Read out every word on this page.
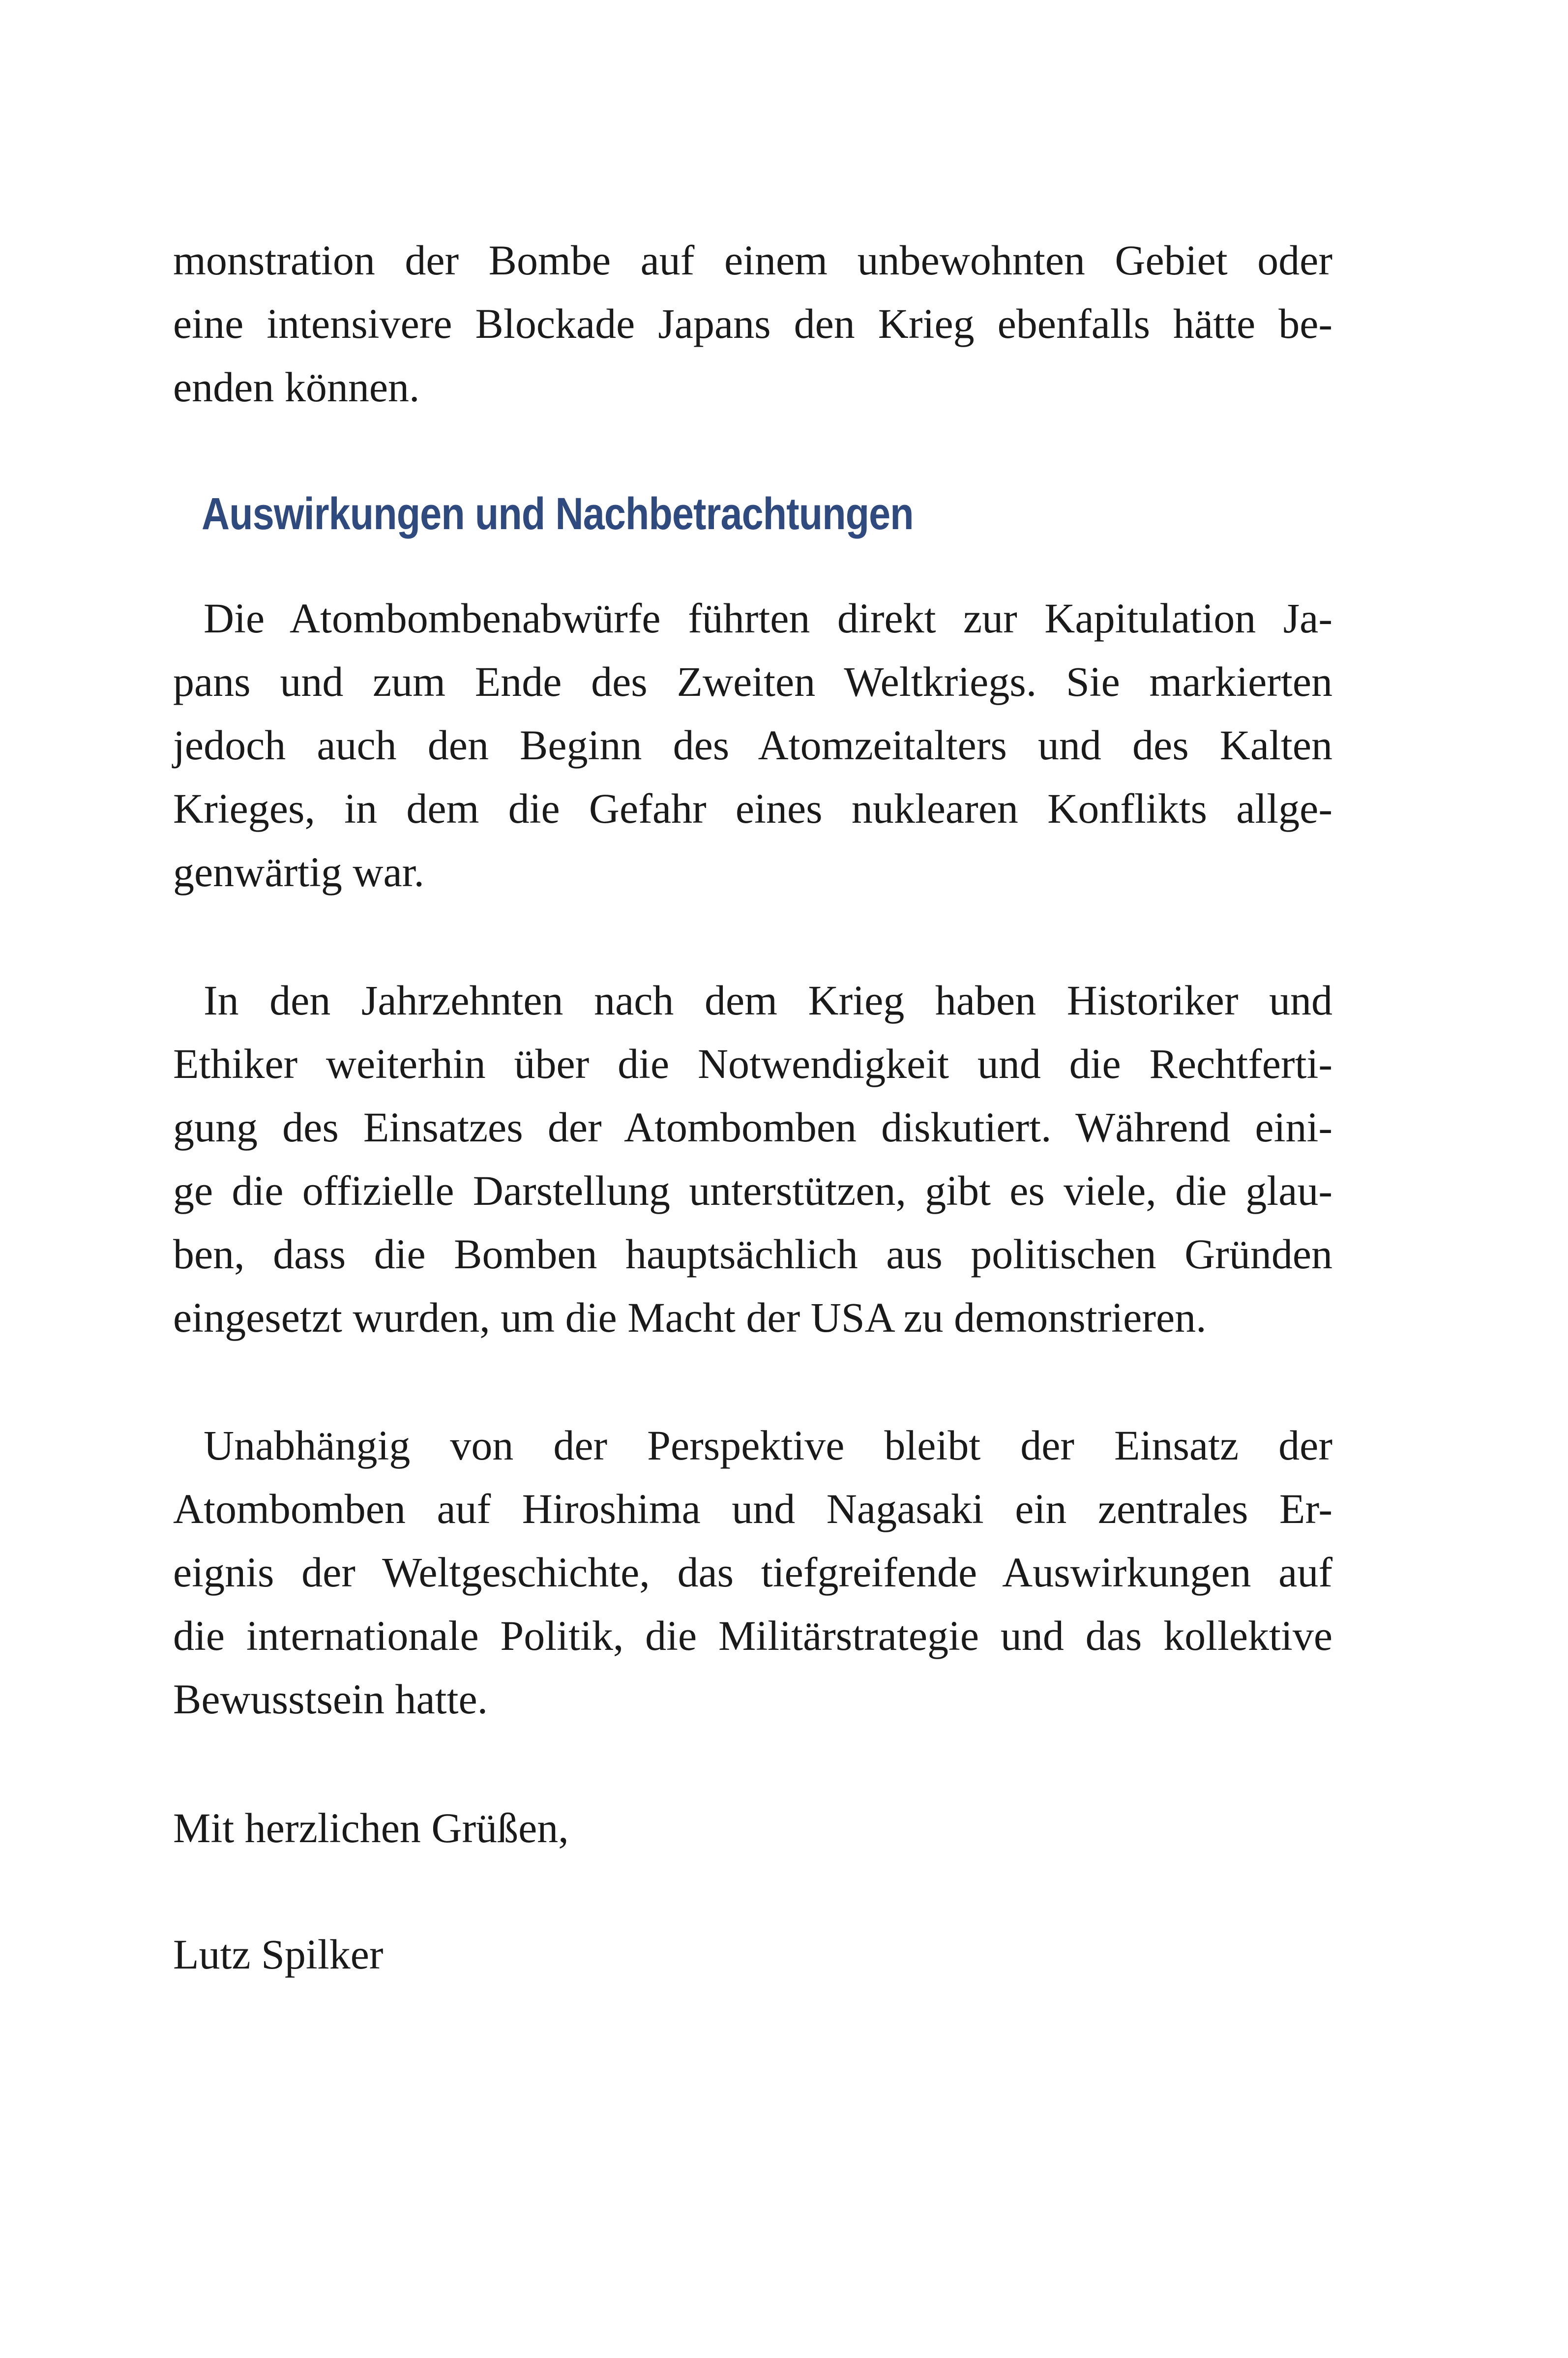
monstration der Bombe auf einem unbewohnten Gebiet oder
eine intensivere Blockade Japans den Krieg ebenfalls hätte be-
enden können.

Auswirkungen und Nachbetrachtungen

Die Atombombenabwürfe führten direkt zur Kapitulation Ja-
pans und zum Ende des Zweiten Weltkriegs. Sie markierten
jedoch auch den Beginn des Atomzeitalters und des Kalten
Krieges, in dem die Gefahr eines nuklearen Konflikts allge-
genwärtig war.

In den Jahrzehnten nach dem Krieg haben Historiker und
Ethiker weiterhin über die Notwendigkeit und die Rechtferti-
gung des Einsatzes der Atombomben diskutiert. Während eini-
ge die offizielle Darstellung unterstützen, gibt es viele, die glau-
ben, dass die Bomben hauptsächlich aus politischen Gründen
eingesetzt wurden, um die Macht der USA zu demonstrieren.

Unabhängig von der Perspektive bleibt der Einsatz der
Atombomben auf Hiroshima und Nagasaki ein zentrales Er-
eignis der Weltgeschichte, das tiefgreifende Auswirkungen auf
die internationale Politik, die Militärstrategie und das kollektive
Bewusstsein hatte.

Mit herzlichen Grüßen,

Lutz Spilker
